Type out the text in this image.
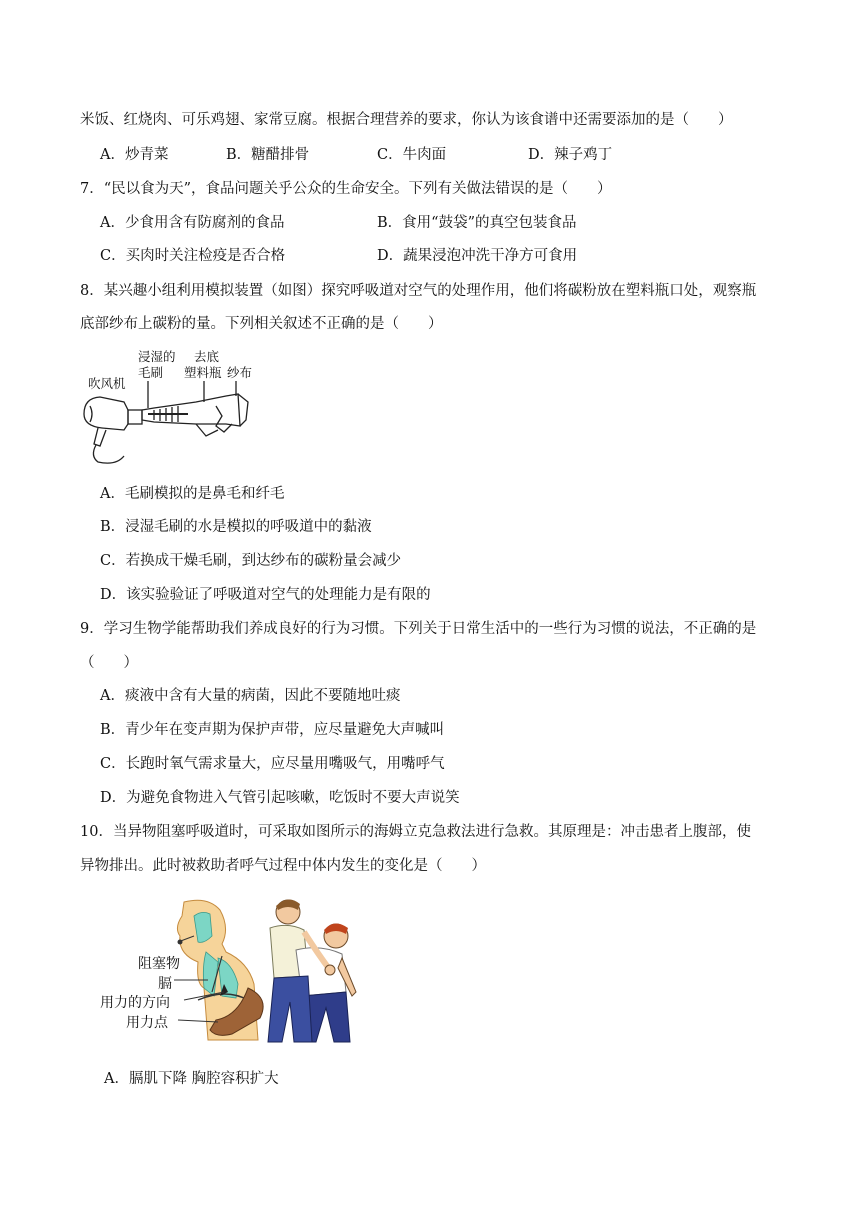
米饭、红烧肉、可乐鸡翅、家常豆腐。根据合理营养的要求，你认为该食谱中还需要添加的是（　　）
A．炒青菜	B．糖醋排骨	C．牛肉面	D．辣子鸡丁
7．“民以食为天”，食品问题关乎公众的生命安全。下列有关做法错误的是（　　）
A．少食用含有防腐剂的食品	B．食用“鼓袋”的真空包装食品
C．买肉时关注检疫是否合格	D．蔬果浸泡冲洗干净方可食用
8．某兴趣小组利用模拟装置（如图）探究呼吸道对空气的处理作用，他们将碳粉放在塑料瓶口处，观察瓶
底部纱布上碳粉的量。下列相关叙述不正确的是（　　）
浸湿的
毛刷
去底
塑料瓶 纱布
吹风机
A．毛刷模拟的是鼻毛和纤毛
B．浸湿毛刷的水是模拟的呼吸道中的黏液
C．若换成干燥毛刷，到达纱布的碳粉量会减少
D．该实验验证了呼吸道对空气的处理能力是有限的
9．学习生物学能帮助我们养成良好的行为习惯。下列关于日常生活中的一些行为习惯的说法，不正确的是
（　　）
A．痰液中含有大量的病菌，因此不要随地吐痰
B．青少年在变声期为保护声带，应尽量避免大声喊叫
C．长跑时氧气需求量大，应尽量用嘴吸气，用嘴呼气
D．为避免食物进入气管引起咳嗽，吃饭时不要大声说笑
10．当异物阻塞呼吸道时，可采取如图所示的海姆立克急救法进行急救。其原理是：冲击患者上腹部，使
异物排出。此时被救助者呼气过程中体内发生的变化是（　　）
阻塞物
膈
用力的方向
用力点
A．膈肌下降 胸腔容积扩大
